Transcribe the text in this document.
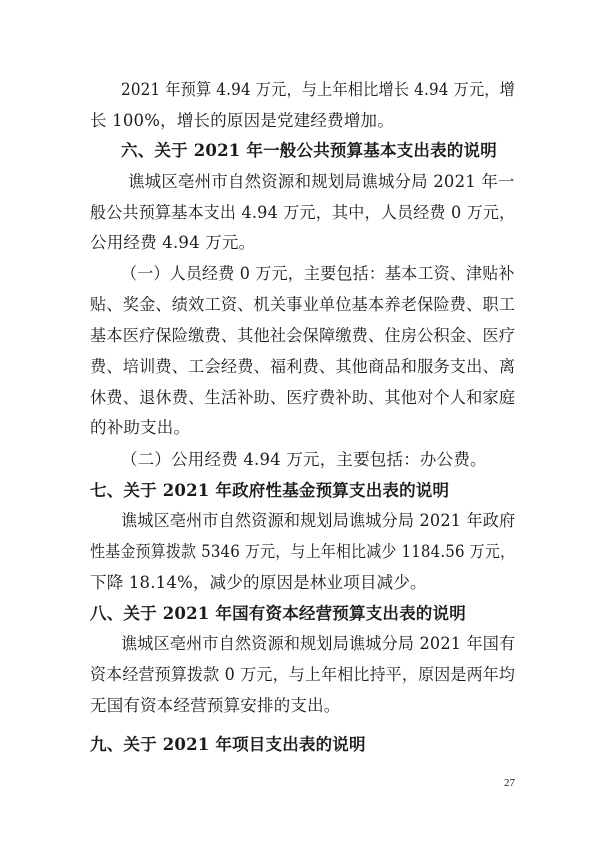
2021 年预算 4.94 万元，与上年相比增长 4.94 万元，增
长 100%，增长的原因是党建经费增加。
六、关于 2021 年一般公共预算基本支出表的说明
谯城区亳州市自然资源和规划局谯城分局 2021 年一
般公共预算基本支出 4.94 万元，其中，人员经费 0 万元，
公用经费 4.94 万元。
（一）人员经费 0 万元，主要包括：基本工资、津贴补
贴、奖金、绩效工资、机关事业单位基本养老保险费、职工
基本医疗保险缴费、其他社会保障缴费、住房公积金、医疗
费、培训费、工会经费、福利费、其他商品和服务支出、离
休费、退休费、生活补助、医疗费补助、其他对个人和家庭
的补助支出。
（二）公用经费 4.94 万元，主要包括：办公费。
七、关于 2021 年政府性基金预算支出表的说明
谯城区亳州市自然资源和规划局谯城分局 2021 年政府
性基金预算拨款 5346 万元，与上年相比减少 1184.56 万元，
下降 18.14%，减少的原因是林业项目减少。
八、关于 2021 年国有资本经营预算支出表的说明
谯城区亳州市自然资源和规划局谯城分局 2021 年国有
资本经营预算拨款 0 万元，与上年相比持平，原因是两年均
无国有资本经营预算安排的支出。
九、关于 2021 年项目支出表的说明
27
